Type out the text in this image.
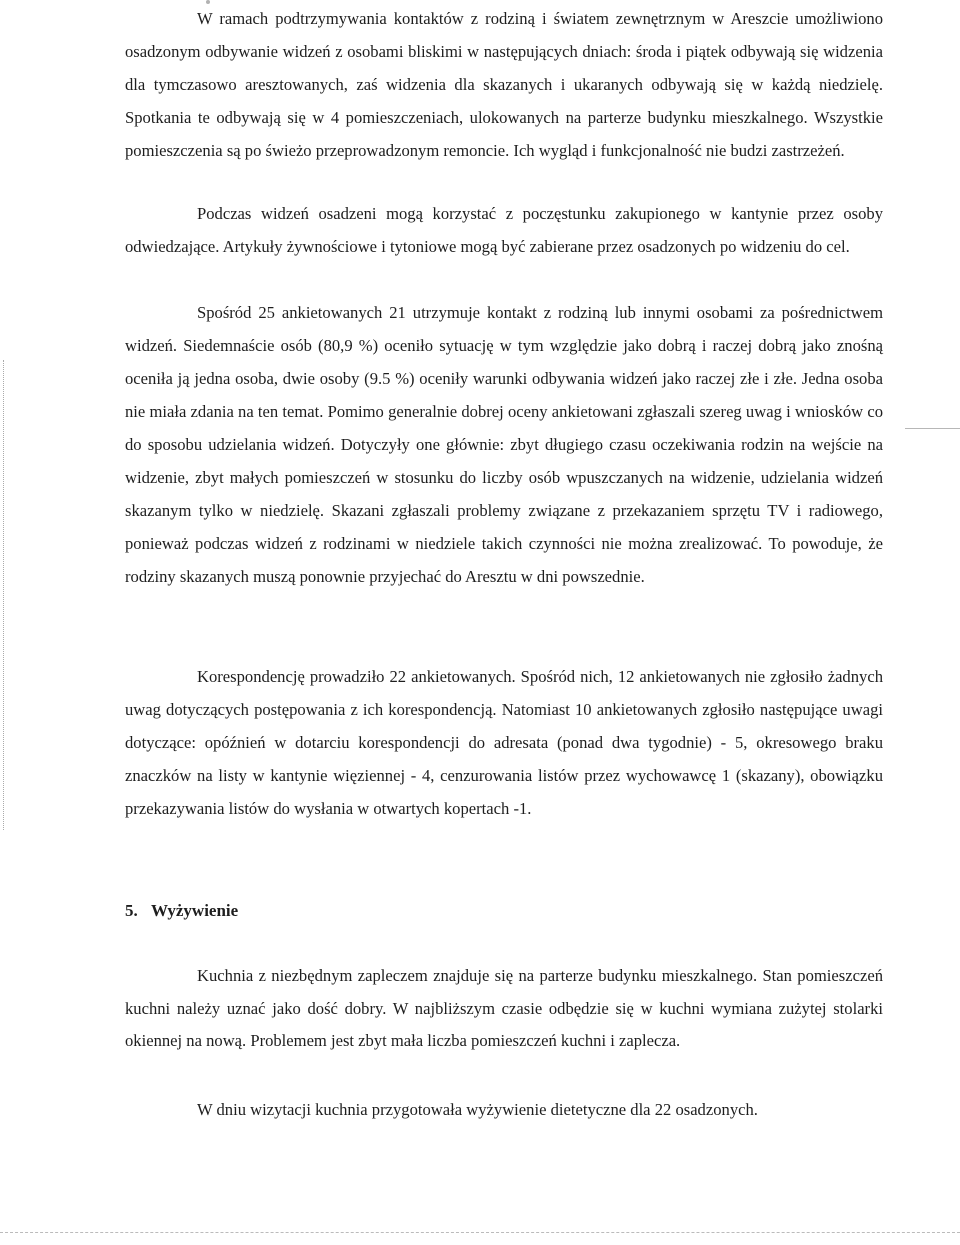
W ramach podtrzymywania kontaktów z rodziną i światem zewnętrznym w Areszcie umożliwiono osadzonym odbywanie widzeń z osobami bliskimi w następujących dniach: środa i piątek odbywają się widzenia dla tymczasowo aresztowanych, zaś widzenia dla skazanych i ukaranych odbywają się w każdą niedzielę. Spotkania te odbywają się w 4 pomieszczeniach, ulokowanych na parterze budynku mieszkalnego. Wszystkie pomieszczenia są po świeżo przeprowadzonym remoncie. Ich wygląd i funkcjonalność nie budzi zastrzeżeń.

Podczas widzeń osadzeni mogą korzystać z poczęstunku zakupionego w kantynie przez osoby odwiedzające. Artykuły żywnościowe i tytoniowe mogą być zabierane przez osadzonych po widzeniu do cel.

Spośród 25 ankietowanych 21 utrzymuje kontakt z rodziną lub innymi osobami za pośrednictwem widzeń. Siedemnaście osób (80,9 %) oceniło sytuację w tym względzie jako dobrą i raczej dobrą jako znośną oceniła ją jedna osoba, dwie osoby (9.5 %) oceniły warunki odbywania widzeń jako raczej złe i złe. Jedna osoba nie miała zdania na ten temat. Pomimo generalnie dobrej oceny ankietowani zgłaszali szereg uwag i wniosków co do sposobu udzielania widzeń. Dotyczyły one głównie: zbyt długiego czasu oczekiwania rodzin na wejście na widzenie, zbyt małych pomieszczeń w stosunku do liczby osób wpuszczanych na widzenie, udzielania widzeń skazanym tylko w niedzielę. Skazani zgłaszali problemy związane z przekazaniem sprzętu TV i radiowego, ponieważ podczas widzeń z rodzinami w niedziele takich czynności nie można zrealizować. To powoduje, że rodziny skazanych muszą ponownie przyjechać do Aresztu w dni powszednie.

Korespondencję prowadziło 22 ankietowanych. Spośród nich, 12 ankietowanych nie zgłosiło żadnych uwag dotyczących postępowania z ich korespondencją. Natomiast 10 ankietowanych zgłosiło następujące uwagi dotyczące: opóźnień w dotarciu korespondencji do adresata (ponad dwa tygodnie) - 5, okresowego braku znaczków na listy w kantynie więziennej - 4, cenzurowania listów przez wychowawcę 1 (skazany), obowiązku przekazywania listów do wysłania w otwartych kopertach -1.

5. Wyżywienie

Kuchnia z niezbędnym zapleczem znajduje się na parterze budynku mieszkalnego. Stan pomieszczeń kuchni należy uznać jako dość dobry. W najbliższym czasie odbędzie się w kuchni wymiana zużytej stolarki okiennej na nową. Problemem jest zbyt mała liczba pomieszczeń kuchni i zaplecza.

W dniu wizytacji kuchnia przygotowała wyżywienie dietetyczne dla 22 osadzonych.
